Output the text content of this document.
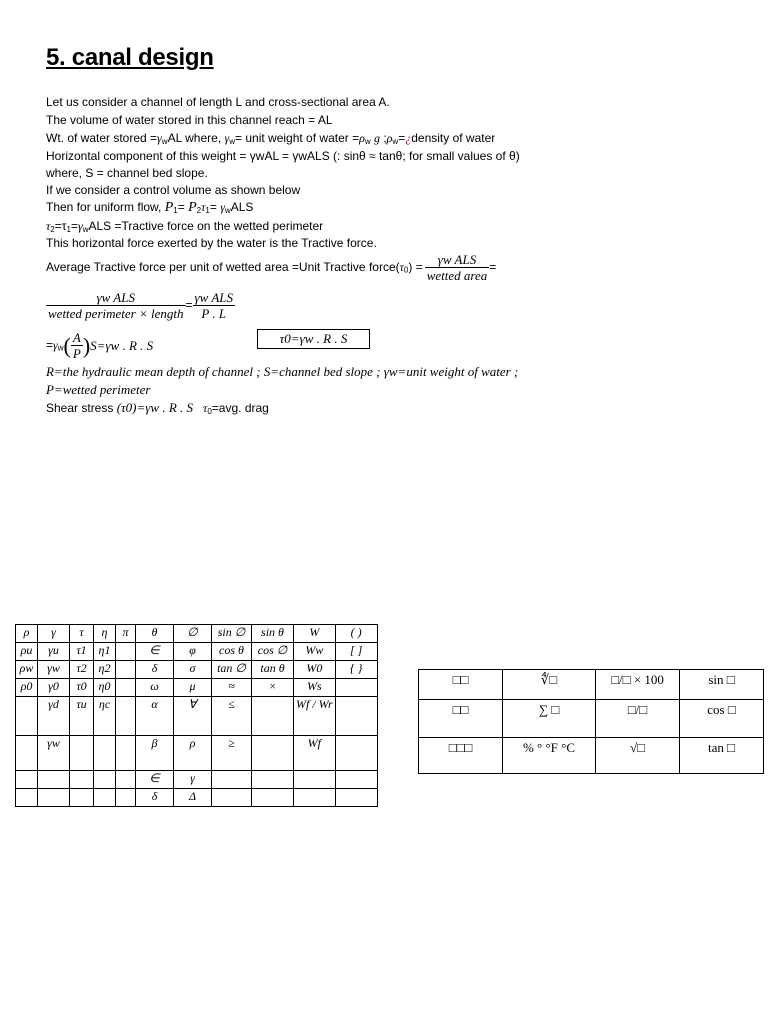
5. canal design
Let us consider a channel of length L and cross-sectional area A.
The volume of water stored in this channel reach = AL
Wt. of water stored $=\gamma_wAL$ where, $\gamma_w=$ unit weight of water $=\rho_w$ g $;\rho_w=¿density$ of water
Horizontal component of this weight = γwAL = γwALS (: sinθ ≈ tanθ; for small values of θ)
where, S = channel bed slope.
If we consider a control volume as shown below
Then for uniform flow, $P_1= P_2\tau_1= \gamma_wALS$
$\tau_2=\tau_1=\gamma_wALS$ =Tractive force on the wetted perimeter
This horizontal force exerted by the water is the Tractive force.
Average Tractive force per unit of wetted area =Unit Tractive $force(\tau_0) = \frac{\text{γw ALS}}{\text{wetted area}}$ =
$\frac{\text{γw ALS}}{\text{wetted perimeter × length}} = \frac{\text{γw ALS}}{P . L}$
$=\gamma_w( \frac{A}{P} )S=\gamma w$ . R . S	τ0=γw . R . S
R=the hydraulic mean depth of channel ; S=channel bed slope ; γw=unit weight of water ;
P=wetted perimeter
Shear stress (τ0)=γw . R . S $\tau_0=avg$. drag
ρ	γ	τ	η	π	θ	∅	sin ∅	sin θ	W	( )
ρu	γu	τ1	η1		∈	φ	cos θ	cos ∅	Ww	[ ]
ρw	γw	τ2	η2		δ	σ	tan ∅	tan θ	W0	{ }
ρ0	γ0	τ0	η0		ω	μ	≈	×	Ws	
	γd	τu	ηc		α	∀	≤		Wf / Wr	
	γw				β	ρ	≥		Wf	
					∈	γ				
					δ	Δ				
□□	∜□	□/□ × 100	sin □
□□	∑ □	□/□	cos □
□□□	% ° °F °C	√□	tan □
